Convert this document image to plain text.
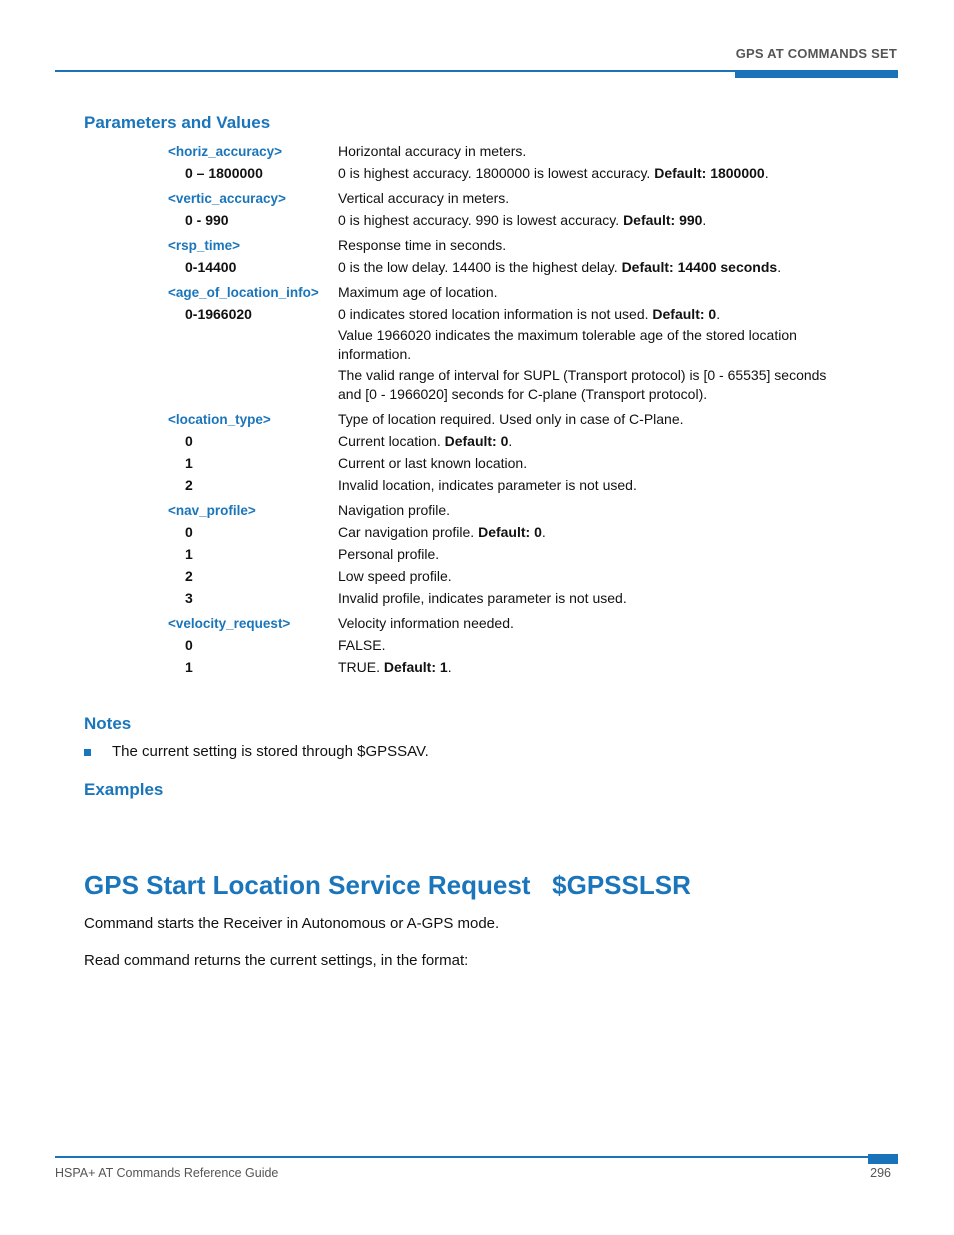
GPS AT COMMANDS SET
Parameters and Values
<horiz_accuracy>	Horizontal accuracy in meters.

0 – 1800000	0 is highest accuracy. 1800000 is lowest accuracy. Default: 1800000.

<vertic_accuracy>	Vertical accuracy in meters.

0 - 990	0 is highest accuracy. 990 is lowest accuracy. Default: 990.

<rsp_time>	Response time in seconds.

0-14400	0 is the low delay. 14400 is the highest delay. Default: 14400 seconds.

<age_of_location_info>	Maximum age of location.

0-1966020	0 indicates stored location information is not used. Default: 0.

Value 1966020 indicates the maximum tolerable age of the stored location information.

The valid range of interval for SUPL (Transport protocol) is [0 - 65535] seconds and [0 - 1966020] seconds for C-plane (Transport protocol).

<location_type>	Type of location required. Used only in case of C-Plane.

0	Current location. Default: 0.

1	Current or last known location.

2	Invalid location, indicates parameter is not used.

<nav_profile>	Navigation profile.

0	Car navigation profile. Default: 0.

1	Personal profile.

2	Low speed profile.

3	Invalid profile, indicates parameter is not used.

<velocity_request>	Velocity information needed.

0	FALSE.

1	TRUE. Default: 1.

Notes
The current setting is stored through $GPSSAV.
Examples
GPS Start Location Service Request   $GPSSLSR
Command starts the Receiver in Autonomous or A-GPS mode.
Read command returns the current settings, in the format:
HSPA+ AT Commands Reference Guide	296
